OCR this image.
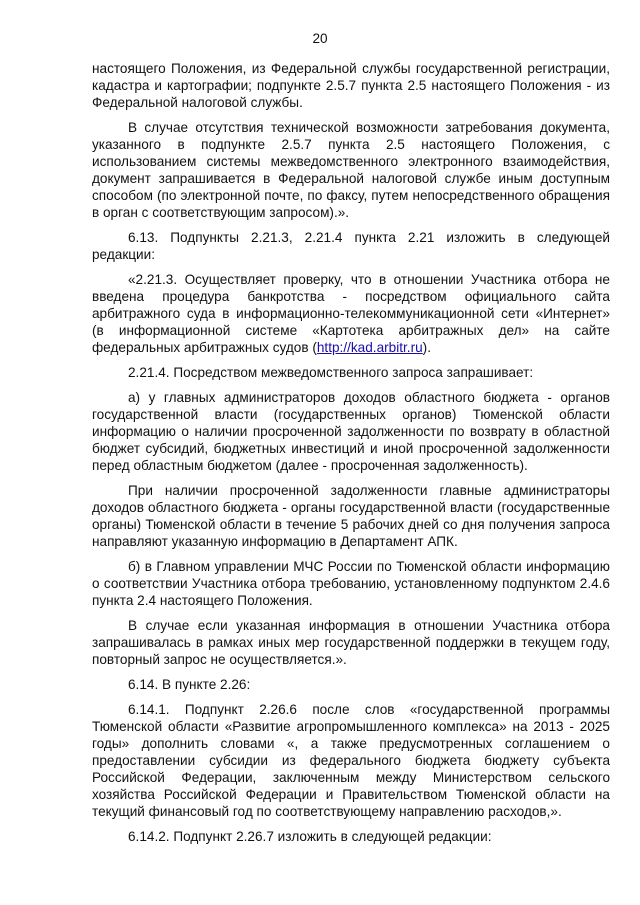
20

настоящего Положения, из Федеральной службы государственной регистрации, кадастра и картографии; подпункте 2.5.7 пункта 2.5 настоящего Положения - из Федеральной налоговой службы.

В случае отсутствия технической возможности затребования документа, указанного в подпункте 2.5.7 пункта 2.5 настоящего Положения, с использованием системы межведомственного электронного взаимодействия, документ запрашивается в Федеральной налоговой службе иным доступным способом (по электронной почте, по факсу, путем непосредственного обращения в орган с соответствующим запросом).».

6.13. Подпункты 2.21.3, 2.21.4 пункта 2.21 изложить в следующей редакции:

«2.21.3. Осуществляет проверку, что в отношении Участника отбора не введена процедура банкротства - посредством официального сайта арбитражного суда в информационно-телекоммуникационной сети «Интернет» (в информационной системе «Картотека арбитражных дел» на сайте федеральных арбитражных судов (http://kad.arbitr.ru).

2.21.4. Посредством межведомственного запроса запрашивает:

а) у главных администраторов доходов областного бюджета - органов государственной власти (государственных органов) Тюменской области информацию о наличии просроченной задолженности по возврату в областной бюджет субсидий, бюджетных инвестиций и иной просроченной задолженности перед областным бюджетом (далее - просроченная задолженность).

При наличии просроченной задолженности главные администраторы доходов областного бюджета - органы государственной власти (государственные органы) Тюменской области в течение 5 рабочих дней со дня получения запроса направляют указанную информацию в Департамент АПК.

б) в Главном управлении МЧС России по Тюменской области информацию о соответствии Участника отбора требованию, установленному подпунктом 2.4.6 пункта 2.4 настоящего Положения.

В случае если указанная информация в отношении Участника отбора запрашивалась в рамках иных мер государственной поддержки в текущем году, повторный запрос не осуществляется.».

6.14. В пункте 2.26:

6.14.1. Подпункт 2.26.6 после слов «государственной программы Тюменской области «Развитие агропромышленного комплекса» на 2013 - 2025 годы» дополнить словами «, а также предусмотренных соглашением о предоставлении субсидии из федерального бюджета бюджету субъекта Российской Федерации, заключенным между Министерством сельского хозяйства Российской Федерации и Правительством Тюменской области на текущий финансовый год по соответствующему направлению расходов,».

6.14.2. Подпункт 2.26.7 изложить в следующей редакции:
